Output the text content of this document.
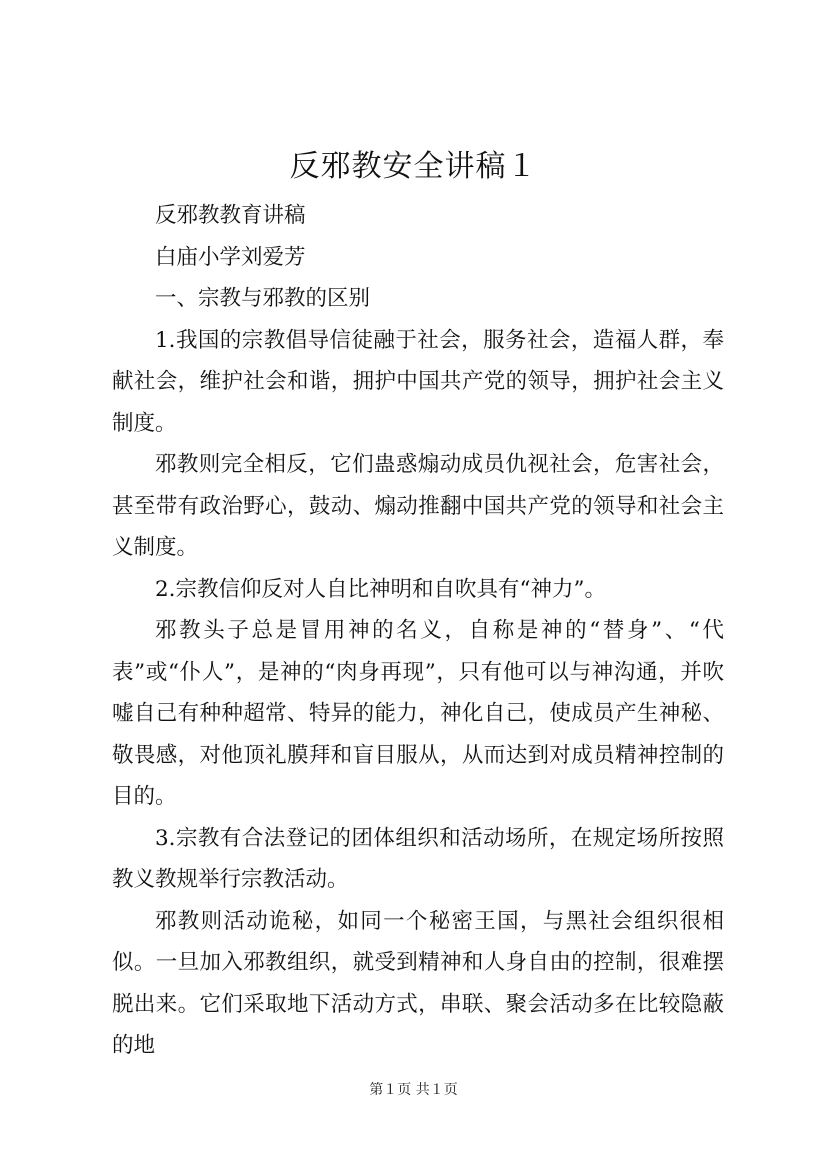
反邪教安全讲稿１

反邪教教育讲稿

白庙小学刘爱芳

一、宗教与邪教的区别

1.我国的宗教倡导信徒融于社会，服务社会，造福人群，奉献社会，维护社会和谐，拥护中国共产党的领导，拥护社会主义制度。

邪教则完全相反，它们蛊惑煽动成员仇视社会，危害社会，甚至带有政治野心，鼓动、煽动推翻中国共产党的领导和社会主义制度。

2.宗教信仰反对人自比神明和自吹具有“神力”。

邪教头子总是冒用神的名义，自称是神的“替身”、“代表”或“仆人”，是神的“肉身再现”，只有他可以与神沟通，并吹嘘自己有种种超常、特异的能力，神化自己，使成员产生神秘、敬畏感，对他顶礼膜拜和盲目服从，从而达到对成员精神控制的目的。

3.宗教有合法登记的团体组织和活动场所，在规定场所按照教义教规举行宗教活动。

邪教则活动诡秘，如同一个秘密王国，与黑社会组织很相似。一旦加入邪教组织，就受到精神和人身自由的控制，很难摆脱出来。它们采取地下活动方式，串联、聚会活动多在比较隐蔽的地

第１页 共１页
